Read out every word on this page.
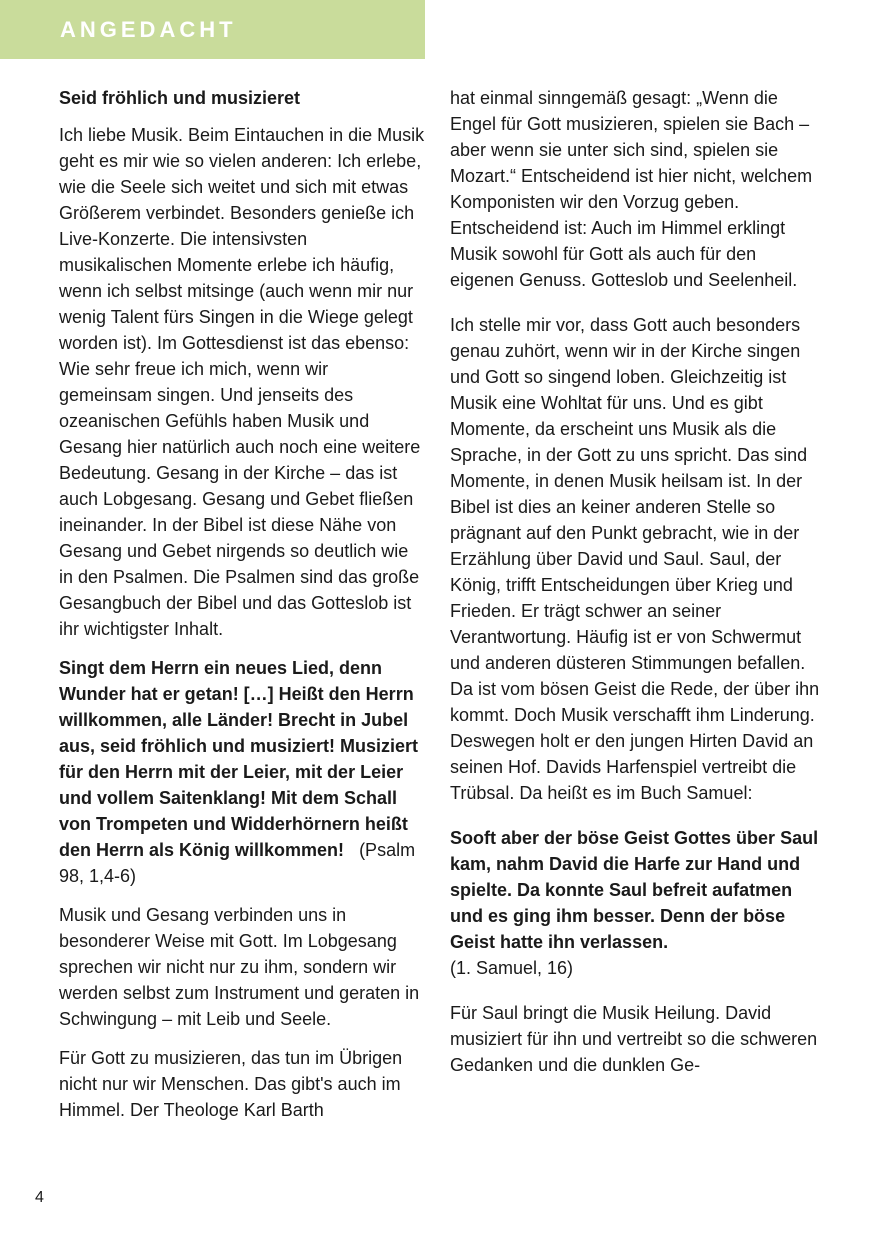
ANGEDACHT

Seid fröhlich und musizieret

Ich liebe Musik. Beim Eintauchen in die Musik geht es mir wie so vielen anderen: Ich erlebe, wie die Seele sich weitet und sich mit etwas Größerem verbindet. Besonders genieße ich Live-Konzerte. Die intensivsten musikalischen Momente erlebe ich häufig, wenn ich selbst mitsinge (auch wenn mir nur wenig Talent fürs Singen in die Wiege gelegt worden ist). Im Gottesdienst ist das ebenso: Wie sehr freue ich mich, wenn wir gemeinsam singen. Und jenseits des ozeanischen Gefühls haben Musik und Gesang hier natürlich auch noch eine weitere Bedeutung. Gesang in der Kirche – das ist auch Lobgesang. Gesang und Gebet fließen ineinander. In der Bibel ist diese Nähe von Gesang und Gebet nirgends so deutlich wie in den Psalmen. Die Psalmen sind das große Gesangbuch der Bibel und das Gotteslob ist ihr wichtigster Inhalt.

Singt dem Herrn ein neues Lied, denn Wunder hat er getan! […] Heißt den Herrn willkommen, alle Länder! Brecht in Jubel aus, seid fröhlich und musiziert! Musiziert für den Herrn mit der Leier, mit der Leier und vollem Saitenklang! Mit dem Schall von Trompeten und Widderhörnern heißt den Herrn als König willkommen! (Psalm 98, 1,4-6)

Musik und Gesang verbinden uns in besonderer Weise mit Gott. Im Lobgesang sprechen wir nicht nur zu ihm, sondern wir werden selbst zum Instrument und geraten in Schwingung – mit Leib und Seele.

Für Gott zu musizieren, das tun im Übrigen nicht nur wir Menschen. Das gibt's auch im Himmel. Der Theologe Karl Barth

hat einmal sinngemäß gesagt: „Wenn die Engel für Gott musizieren, spielen sie Bach – aber wenn sie unter sich sind, spielen sie Mozart.“ Entscheidend ist hier nicht, welchem Komponisten wir den Vorzug geben. Entscheidend ist: Auch im Himmel erklingt Musik sowohl für Gott als auch für den eigenen Genuss. Gotteslob und Seelenheil.

Ich stelle mir vor, dass Gott auch besonders genau zuhört, wenn wir in der Kirche singen und Gott so singend loben. Gleichzeitig ist Musik eine Wohltat für uns. Und es gibt Momente, da erscheint uns Musik als die Sprache, in der Gott zu uns spricht. Das sind Momente, in denen Musik heilsam ist. In der Bibel ist dies an keiner anderen Stelle so prägnant auf den Punkt gebracht, wie in der Erzählung über David und Saul. Saul, der König, trifft Entscheidungen über Krieg und Frieden. Er trägt schwer an seiner Verantwortung. Häufig ist er von Schwermut und anderen düsteren Stimmungen befallen. Da ist vom bösen Geist die Rede, der über ihn kommt. Doch Musik verschafft ihm Linderung. Deswegen holt er den jungen Hirten David an seinen Hof. Davids Harfenspiel vertreibt die Trübsal. Da heißt es im Buch Samuel:

Sooft aber der böse Geist Gottes über Saul kam, nahm David die Harfe zur Hand und spielte. Da konnte Saul befreit aufatmen und es ging ihm besser. Denn der böse Geist hatte ihn verlassen.
(1. Samuel, 16)

Für Saul bringt die Musik Heilung. David musiziert für ihn und vertreibt so die schweren Gedanken und die dunklen Ge-

4
